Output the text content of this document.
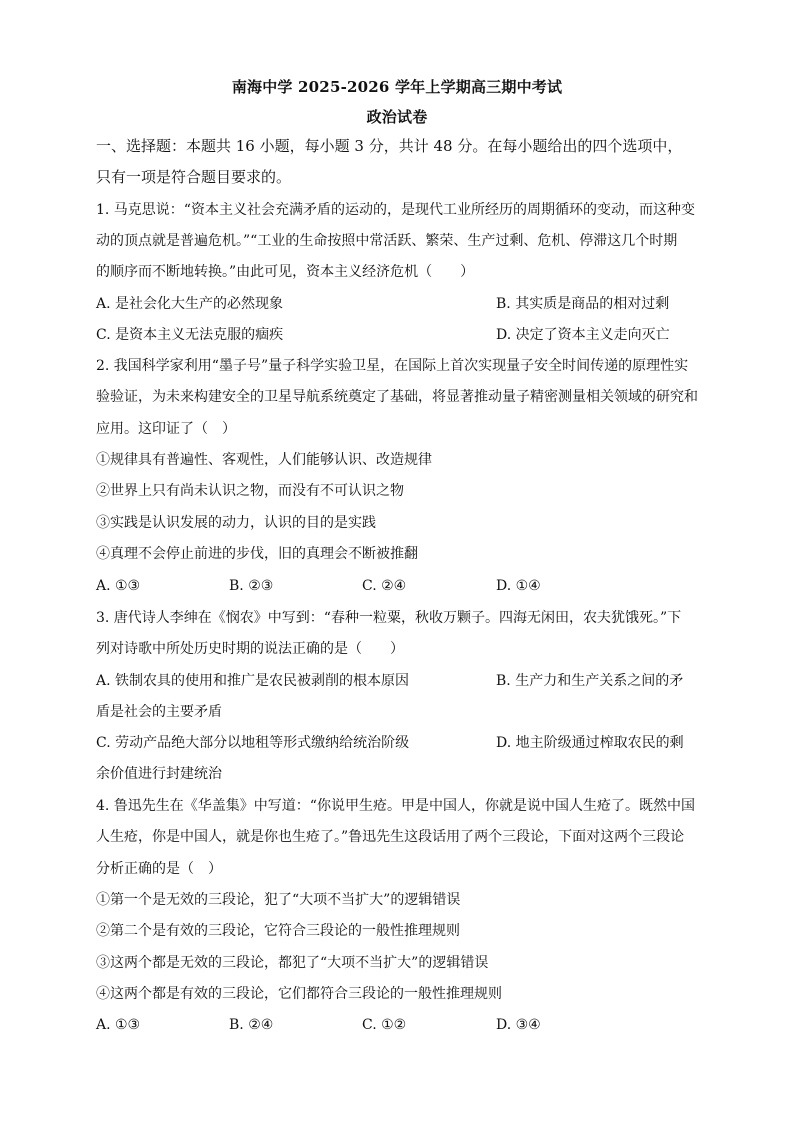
南海中学 2025-2026 学年上学期高三期中考试
政治试卷
一、选择题：本题共 16 小题，每小题 3 分，共计 48 分。在每小题给出的四个选项中，
只有一项是符合题目要求的。
1. 马克思说：“资本主义社会充满矛盾的运动的，是现代工业所经历的周期循环的变动，而这种变
动的顶点就是普遍危机。”“工业的生命按照中常活跃、繁荣、生产过剩、危机、停滞这几个时期
的顺序而不断地转换。”由此可见，资本主义经济危机（　　）
A. 是社会化大生产的必然现象	B. 其实质是商品的相对过剩
C. 是资本主义无法克服的痼疾	D. 决定了资本主义走向灭亡
2. 我国科学家利用“墨子号”量子科学实验卫星，在国际上首次实现量子安全时间传递的原理性实
验验证，为未来构建安全的卫星导航系统奠定了基础，将显著推动量子精密测量相关领域的研究和
应用。这印证了（　）
①规律具有普遍性、客观性，人们能够认识、改造规律
②世界上只有尚未认识之物，而没有不可认识之物
③实践是认识发展的动力，认识的目的是实践
④真理不会停止前进的步伐，旧的真理会不断被推翻
A. ①③	B. ②③	C. ②④	D. ①④
3. 唐代诗人李绅在《悯农》中写到：“春种一粒粟，秋收万颗子。四海无闲田，农夫犹饿死。”下
列对诗歌中所处历史时期的说法正确的是（　　）
A. 铁制农具的使用和推广是农民被剥削的根本原因	B. 生产力和生产关系之间的矛
盾是社会的主要矛盾
C. 劳动产品绝大部分以地租等形式缴纳给统治阶级	D. 地主阶级通过榨取农民的剩
余价值进行封建统治
4. 鲁迅先生在《华盖集》中写道：“你说甲生疮。甲是中国人，你就是说中国人生疮了。既然中国
人生疮，你是中国人，就是你也生疮了。”鲁迅先生这段话用了两个三段论，下面对这两个三段论
分析正确的是（　）
①第一个是无效的三段论，犯了“大项不当扩大”的逻辑错误
②第二个是有效的三段论，它符合三段论的一般性推理规则
③这两个都是无效的三段论，都犯了“大项不当扩大”的逻辑错误
④这两个都是有效的三段论，它们都符合三段论的一般性推理规则
A. ①③	B. ②④	C. ①②	D. ③④
